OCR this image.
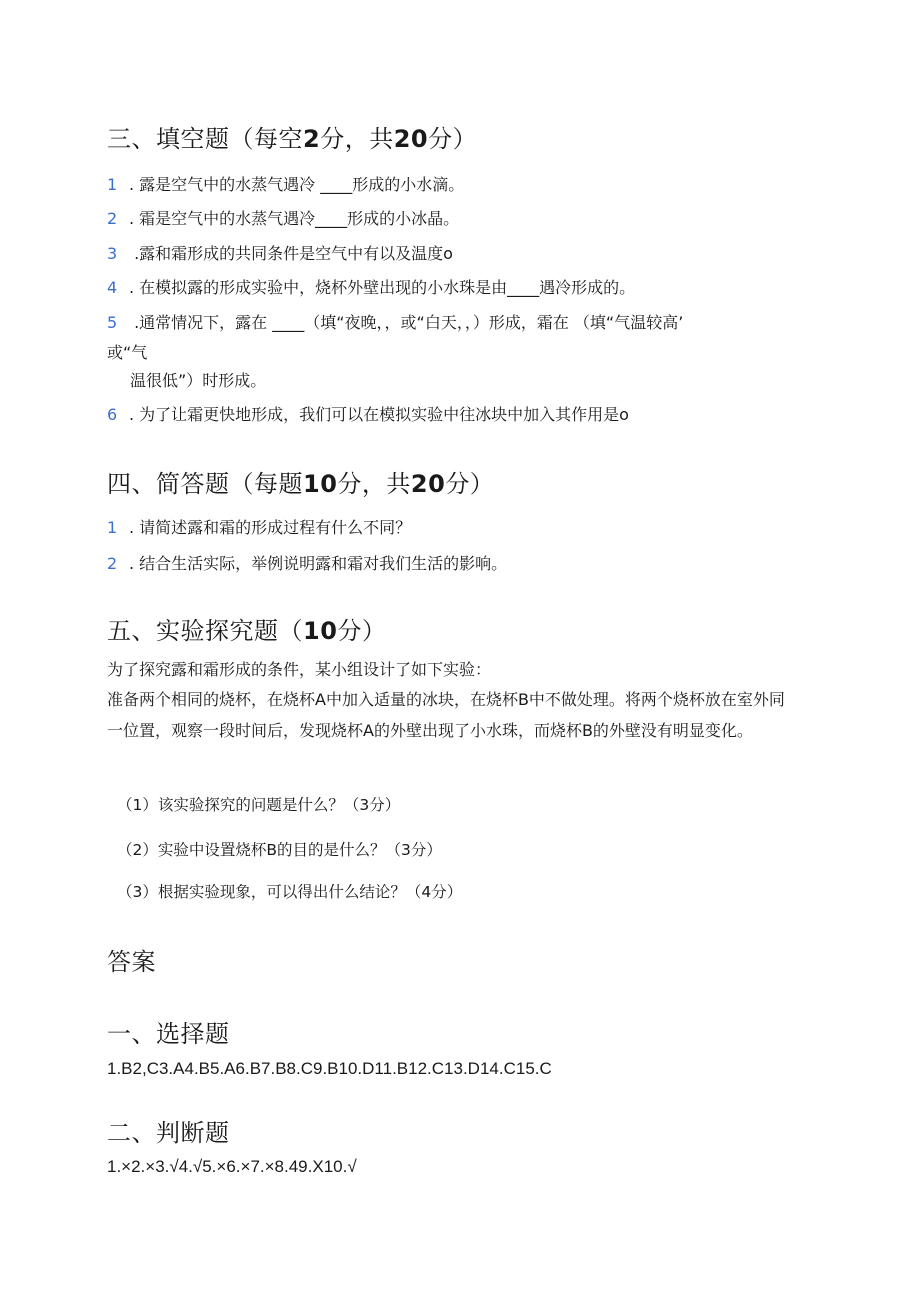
三、填空题（每空2分，共20分）
1 . 露是空气中的水蒸气遇冷 ____形成的小水滴。
2 . 霜是空气中的水蒸气遇冷____形成的小冰晶。
3 .露和霜形成的共同条件是空气中有以及温度o
4 . 在模拟露的形成实验中，烧杯外壁出现的小水珠是由____遇冷形成的。
5 .通常情况下，露在 ____（填“夜晚，，或“白天，，）形成，霜在 （填“气温较高’
或“气
温很低”）时形成。
6 . 为了让霜更快地形成，我们可以在模拟实验中往冰块中加入其作用是o
四、简答题（每题10分，共20分）
1 . 请简述露和霜的形成过程有什么不同？
2 . 结合生活实际，举例说明露和霜对我们生活的影响。
五、实验探究题（10分）
为了探究露和霜形成的条件，某小组设计了如下实验：
准备两个相同的烧杯，在烧杯A中加入适量的冰块，在烧杯B中不做处理。将两个烧杯放在室外同一位置，观察一段时间后，发现烧杯A的外壁出现了小水珠，而烧杯B的外壁没有明显变化。
（1）该实验探究的问题是什么？（3分）
（2）实验中设置烧杯B的目的是什么？（3分）
（3）根据实验现象，可以得出什么结论？（4分）
答案
一、选择题
1.B2,C3.A4.B5.A6.B7.B8.C9.B10.D11.B12.C13.D14.C15.C
二、判断题
1.×2.×3.√4.√5.×6.×7.×8.49.X10.√
